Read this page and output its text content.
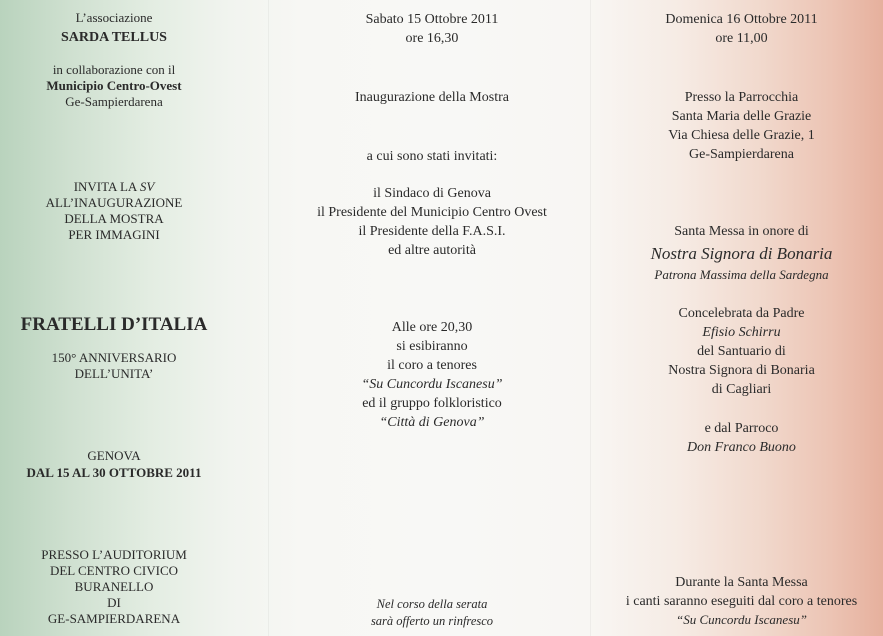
L’associazione
SARDA TELLUS
in collaborazione con il
Municipio Centro-Ovest
Ge-Sampierdarena
INVITA LA SV
ALL’INAUGURAZIONE
DELLA MOSTRA
PER IMMAGINI
FRATELLI D’ITALIA
150° ANNIVERSARIO
DELL’UNITA’
GENOVA
DAL 15 AL 30 OTTOBRE 2011
PRESSO L’AUDITORIUM
DEL CENTRO CIVICO
BURANELLO
DI
GE-SAMPIERDARENA
Sabato 15 Ottobre 2011
ore 16,30
Inaugurazione della Mostra
a cui sono stati invitati:
il Sindaco di Genova
il Presidente del Municipio Centro Ovest
il Presidente della F.A.S.I.
ed altre autorità
Alle ore 20,30
si esibiranno
il coro a tenores
“Su Cuncordu Iscanesu”
ed il gruppo folkloristico
“Città di Genova”
Nel corso della serata
sarà offerto un rinfresco
Domenica 16 Ottobre 2011
ore 11,00
Presso la Parrocchia
Santa Maria delle Grazie
Via Chiesa delle Grazie, 1
Ge-Sampierdarena
Santa Messa in onore di
Nostra Signora di Bonaria
Patrona Massima della Sardegna
Concelebrata da Padre
Efisio Schirru
del Santuario di
Nostra Signora di Bonaria
di Cagliari
e dal Parroco
Don Franco Buono
Durante la Santa Messa
i canti saranno eseguiti dal coro a tenores
“Su Cuncordu Iscanesu”
